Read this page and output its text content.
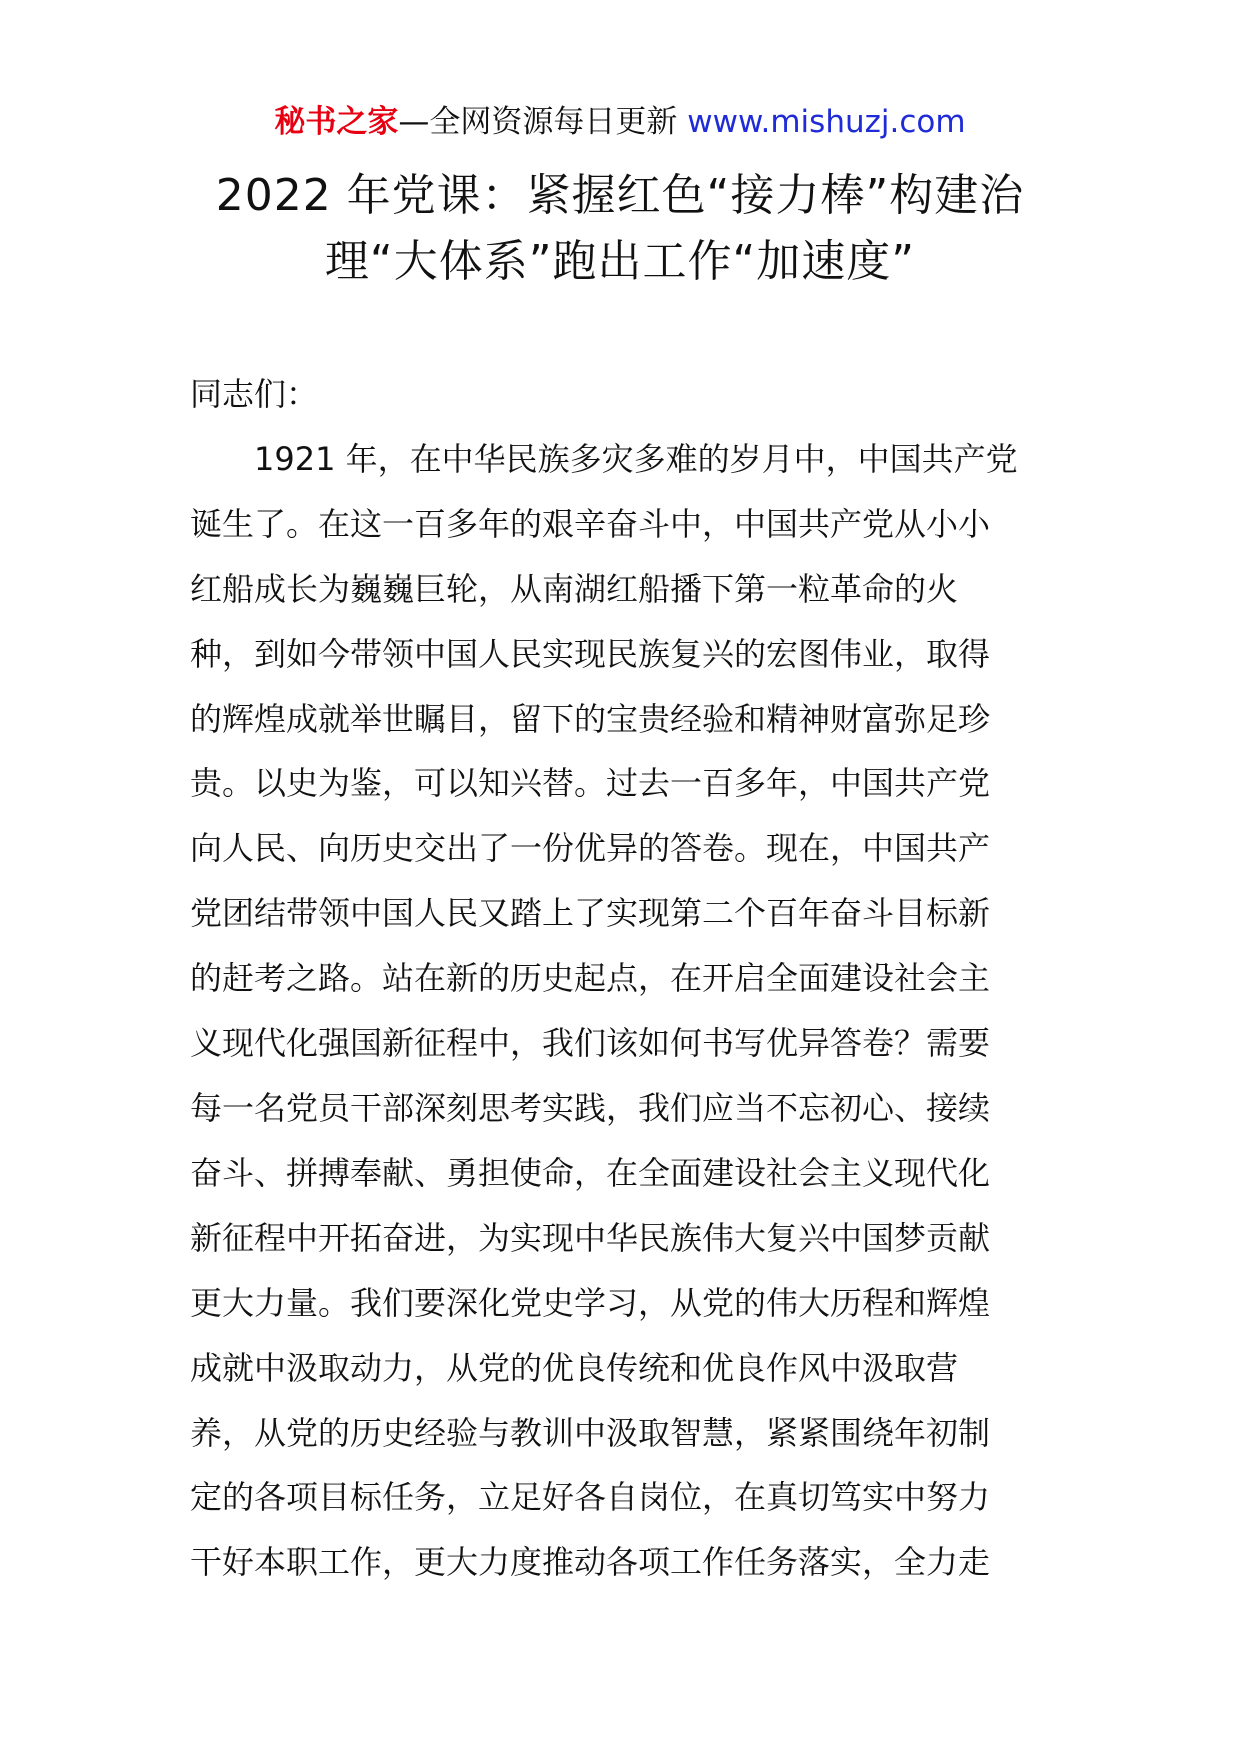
秘书之家—全网资源每日更新 www.mishuzj.com
2022 年党课：紧握红色“接力棒”构建治
理“大体系”跑出工作“加速度”
同志们：
　　1921 年，在中华民族多灾多难的岁月中，中国共产党
诞生了。在这一百多年的艰辛奋斗中，中国共产党从小小
红船成长为巍巍巨轮，从南湖红船播下第一粒革命的火
种，到如今带领中国人民实现民族复兴的宏图伟业，取得
的辉煌成就举世瞩目，留下的宝贵经验和精神财富弥足珍
贵。以史为鉴，可以知兴替。过去一百多年，中国共产党
向人民、向历史交出了一份优异的答卷。现在，中国共产
党团结带领中国人民又踏上了实现第二个百年奋斗目标新
的赶考之路。站在新的历史起点，在开启全面建设社会主
义现代化强国新征程中，我们该如何书写优异答卷？需要
每一名党员干部深刻思考实践，我们应当不忘初心、接续
奋斗、拼搏奉献、勇担使命，在全面建设社会主义现代化
新征程中开拓奋进，为实现中华民族伟大复兴中国梦贡献
更大力量。我们要深化党史学习，从党的伟大历程和辉煌
成就中汲取动力，从党的优良传统和优良作风中汲取营
养，从党的历史经验与教训中汲取智慧，紧紧围绕年初制
定的各项目标任务，立足好各自岗位，在真切笃实中努力
干好本职工作，更大力度推动各项工作任务落实，全力走
